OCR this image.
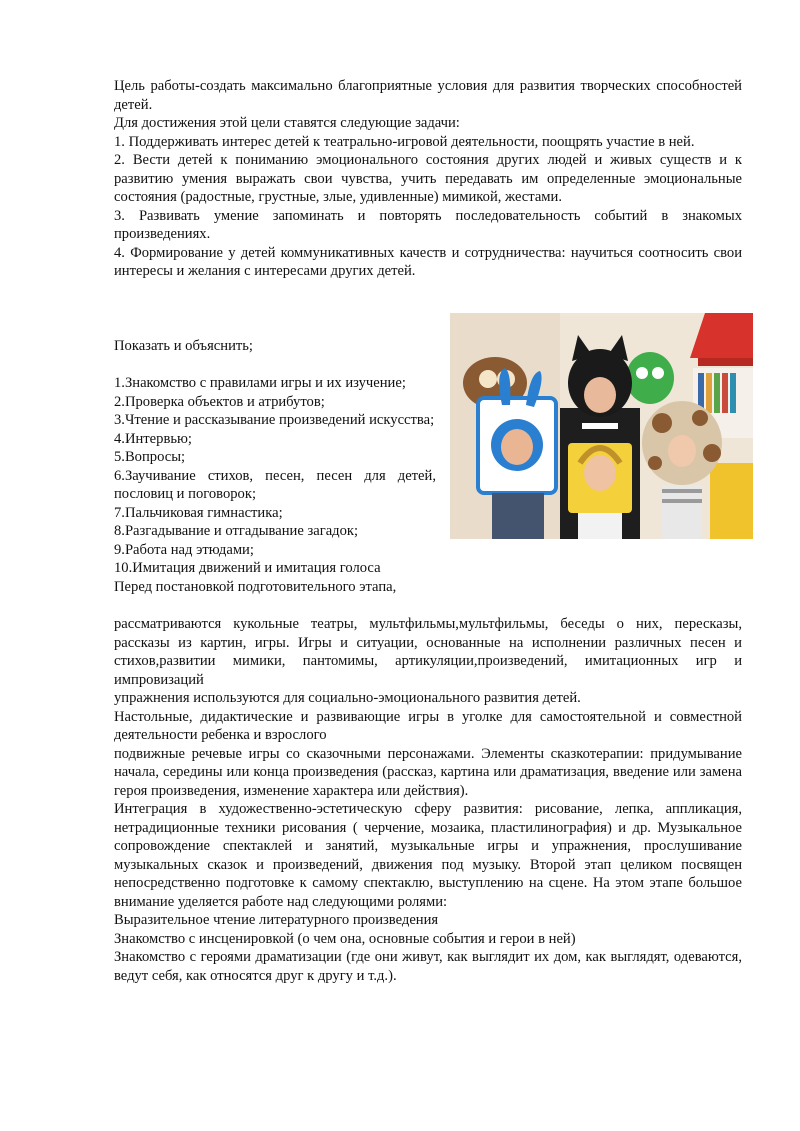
Цель работы-создать максимально благоприятные условия для развития творческих способностей детей.

Для достижения этой цели ставятся следующие задачи:

1. Поддерживать интерес детей к театрально-игровой деятельности, поощрять участие в ней.

2. Вести детей к пониманию эмоционального состояния других людей и живых существ и к развитию умения выражать свои чувства, учить передавать им определенные эмоциональные состояния (радостные, грустные, злые, удивленные) мимикой, жестами.

3. Развивать умение запоминать и повторять последовательность событий в знакомых произведениях.

4. Формирование у детей коммуникативных качеств и сотрудничества: научиться соотносить свои интересы и желания с интересами других детей.

Показать и объяснить;

1.Знакомство с правилами игры и их изучение;

2.Проверка объектов и атрибутов;

3.Чтение и рассказывание произведений искусства;

4.Интервью;

5.Вопросы;

6.Заучивание стихов, песен, песен для детей, пословиц и поговорок;

7.Пальчиковая гимнастика;

8.Разгадывание и отгадывание загадок;

9.Работа над этюдами;

10.Имитация движений и имитация голоса

Перед постановкой подготовительного этапа,

рассматриваются кукольные театры, мультфильмы,мультфильмы, беседы о них, пересказы, рассказы из картин, игры. Игры и ситуации, основанные на исполнении различных песен и стихов,развитии мимики, пантомимы, артикуляции,произведений, имитационных игр и импровизаций

упражнения используются для социально-эмоционального развития детей.

Настольные, дидактические и развивающие игры в уголке для самостоятельной и совместной деятельности ребенка и взрослого

подвижные речевые игры со сказочными персонажами. Элементы сказкотерапии: придумывание начала, середины или конца произведения (рассказ, картина или драматизация, введение или замена героя произведения, изменение характера или действия).

Интеграция в художественно-эстетическую сферу развития: рисование, лепка, аппликация, нетрадиционные техники рисования ( черчение, мозаика, пластилинография) и др. Музыкальное сопровождение спектаклей и занятий, музыкальные игры и упражнения, прослушивание музыкальных сказок и произведений, движения под музыку. Второй этап целиком посвящен непосредственно подготовке к самому спектаклю, выступлению на сцене. На этом этапе большое внимание уделяется работе над следующими ролями:

Выразительное чтение литературного произведения

Знакомство с инсценировкой (о чем она, основные события и герои в ней)

Знакомство с героями драматизации (где они живут, как выглядит их дом, как выглядят, одеваются, ведут себя, как относятся друг к другу и т.д.).
